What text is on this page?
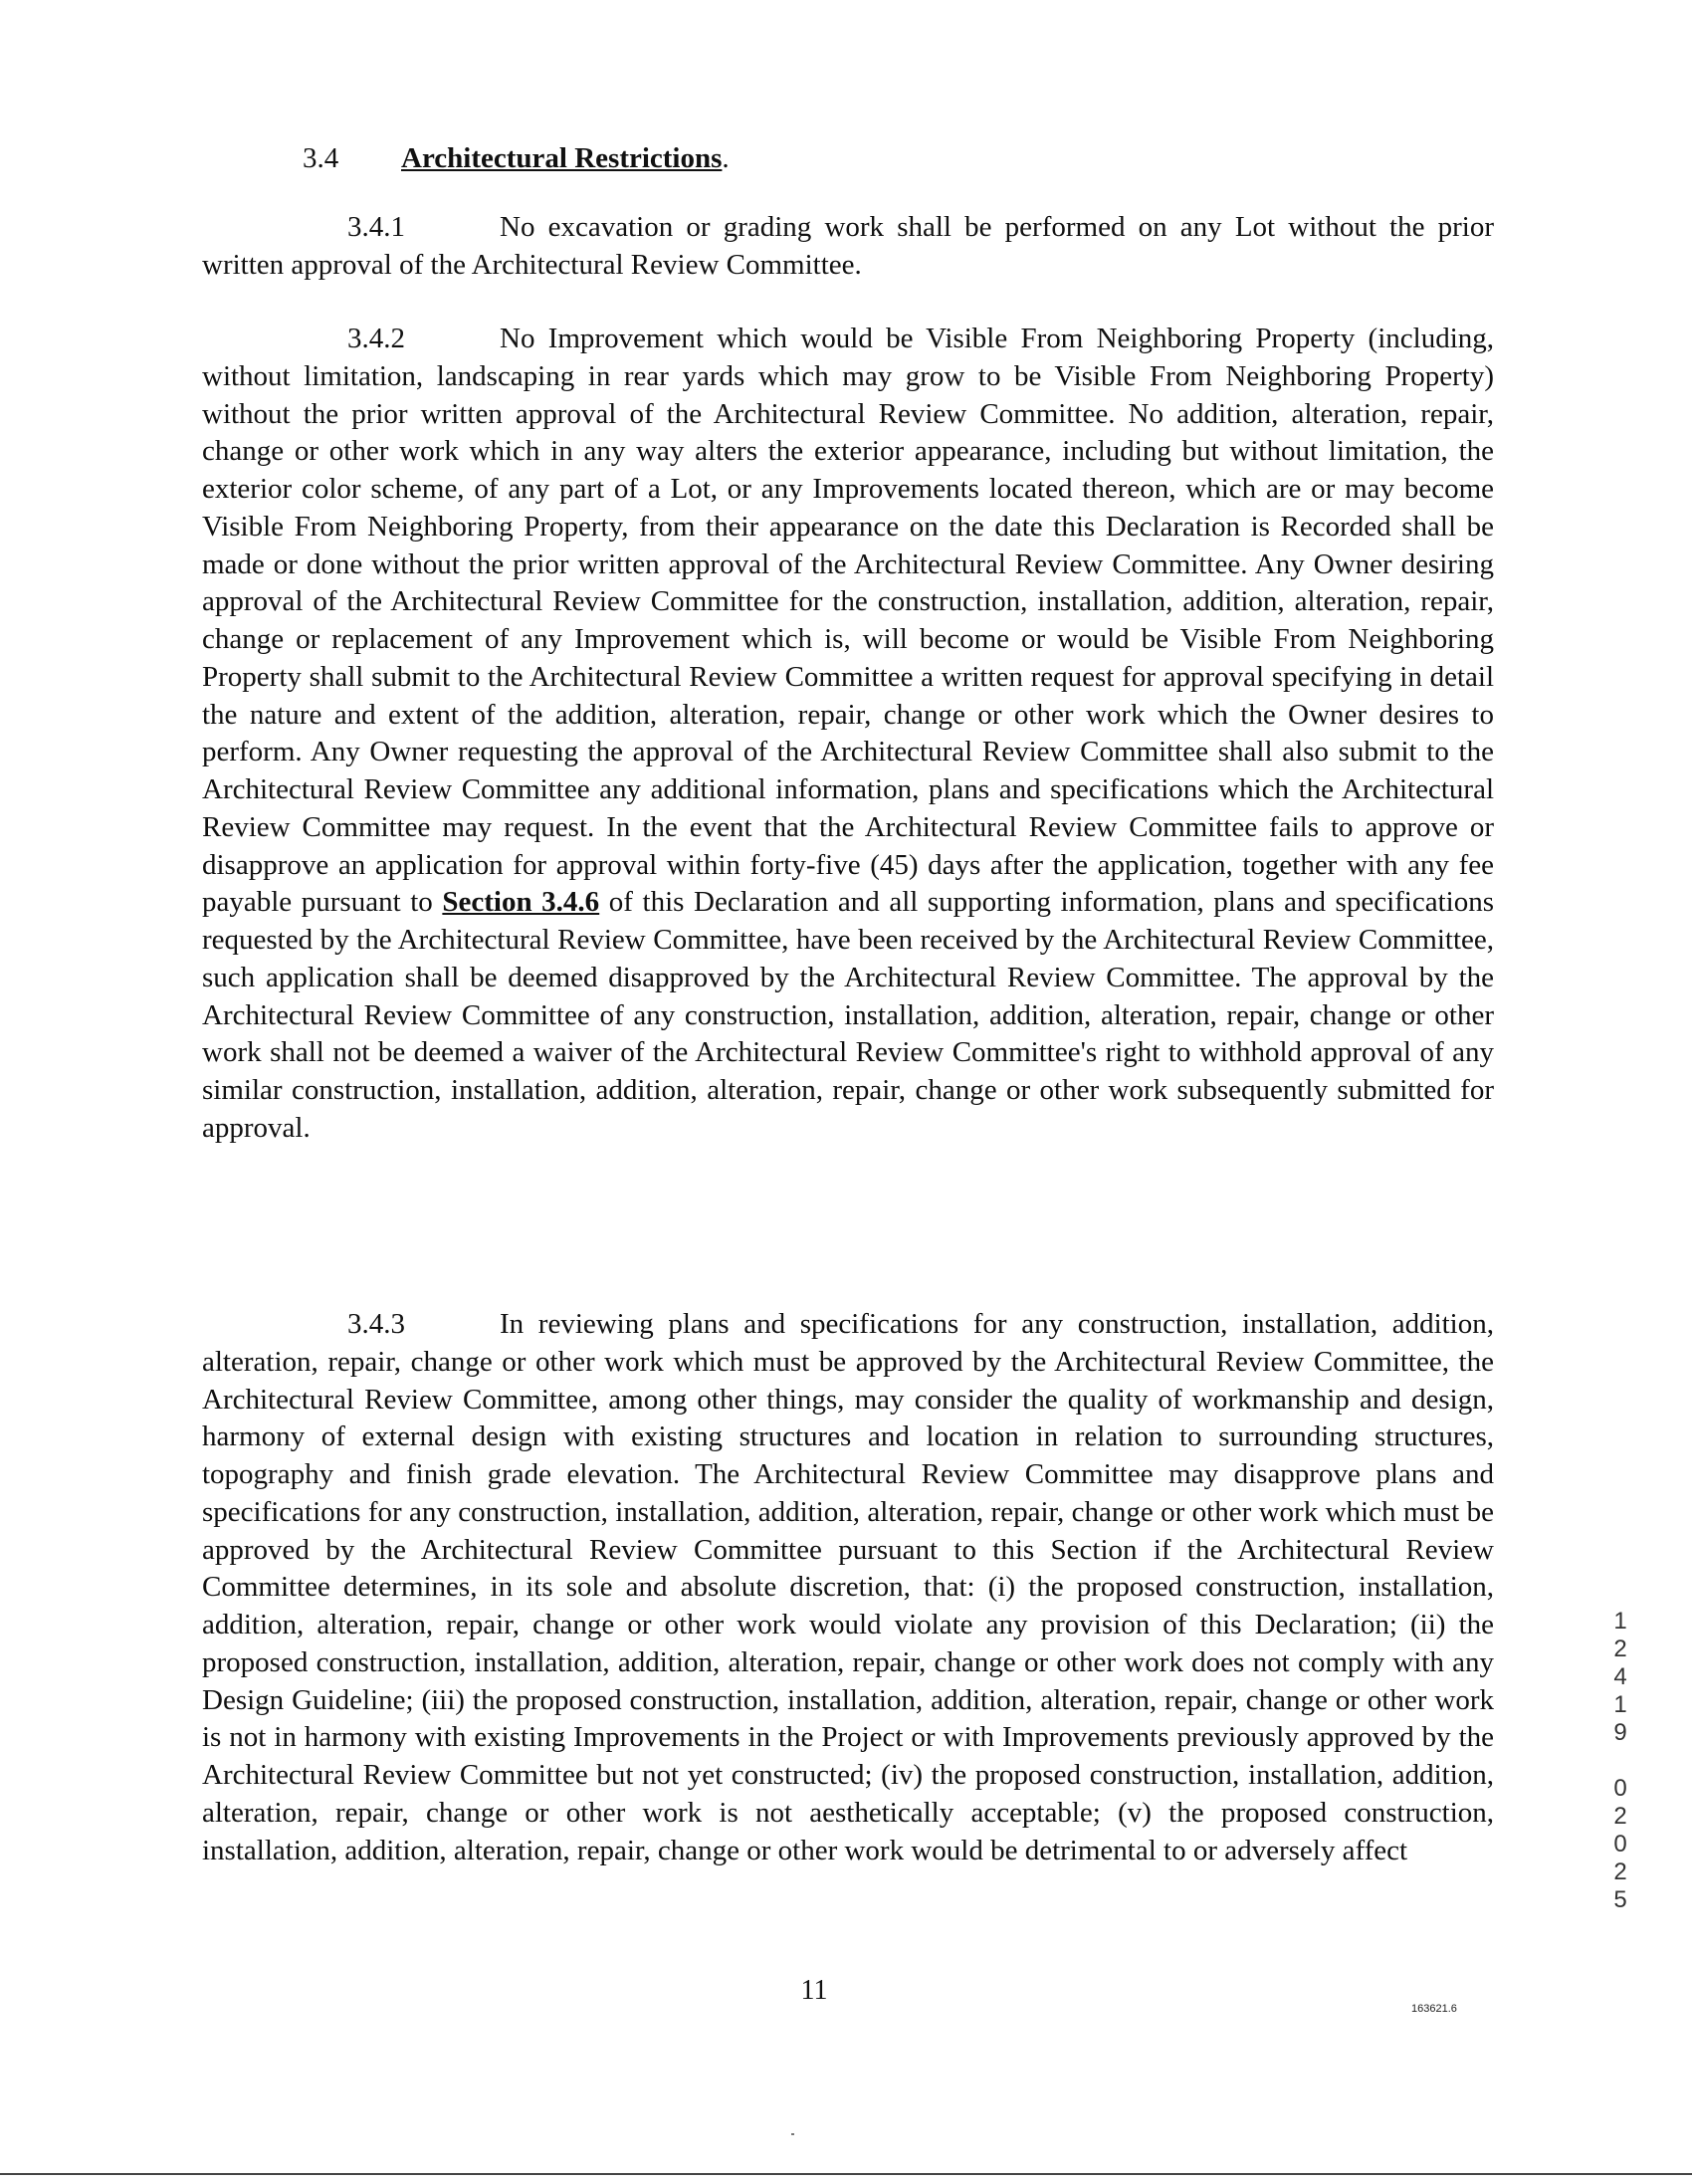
3.4 Architectural Restrictions.

3.4.1	No excavation or grading work shall be performed on any Lot without the prior written approval of the Architectural Review Committee.

3.4.2	No Improvement which would be Visible From Neighboring Property (including, without limitation, landscaping in rear yards which may grow to be Visible From Neighboring Property) without the prior written approval of the Architectural Review Committee. No addition, alteration, repair, change or other work which in any way alters the exterior appearance, including but without limitation, the exterior color scheme, of any part of a Lot, or any Improvements located thereon, which are or may become Visible From Neighboring Property, from their appearance on the date this Declaration is Recorded shall be made or done without the prior written approval of the Architectural Review Committee. Any Owner desiring approval of the Architectural Review Committee for the construction, installation, addition, alteration, repair, change or replacement of any Improvement which is, will become or would be Visible From Neighboring Property shall submit to the Architectural Review Committee a written request for approval specifying in detail the nature and extent of the addition, alteration, repair, change or other work which the Owner desires to perform. Any Owner requesting the approval of the Architectural Review Committee shall also submit to the Architectural Review Committee any additional information, plans and specifications which the Architectural Review Committee may request. In the event that the Architectural Review Committee fails to approve or disapprove an application for approval within forty-five (45) days after the application, together with any fee payable pursuant to Section 3.4.6 of this Declaration and all supporting information, plans and specifications requested by the Architectural Review Committee, have been received by the Architectural Review Committee, such application shall be deemed disapproved by the Architectural Review Committee. The approval by the Architectural Review Committee of any construction, installation, addition, alteration, repair, change or other work shall not be deemed a waiver of the Architectural Review Committee's right to withhold approval of any similar construction, installation, addition, alteration, repair, change or other work subsequently submitted for approval.

3.4.3	In reviewing plans and specifications for any construction, installation, addition, alteration, repair, change or other work which must be approved by the Architectural Review Committee, the Architectural Review Committee, among other things, may consider the quality of workmanship and design, harmony of external design with existing structures and location in relation to surrounding structures, topography and finish grade elevation. The Architectural Review Committee may disapprove plans and specifications for any construction, installation, addition, alteration, repair, change or other work which must be approved by the Architectural Review Committee pursuant to this Section if the Architectural Review Committee determines, in its sole and absolute discretion, that: (i) the proposed construction, installation, addition, alteration, repair, change or other work would violate any provision of this Declaration; (ii) the proposed construction, installation, addition, alteration, repair, change or other work does not comply with any Design Guideline; (iii) the proposed construction, installation, addition, alteration, repair, change or other work is not in harmony with existing Improvements in the Project or with Improvements previously approved by the Architectural Review Committee but not yet constructed; (iv) the proposed construction, installation, addition, alteration, repair, change or other work is not aesthetically acceptable; (v) the proposed construction, installation, addition, alteration, repair, change or other work would be detrimental to or adversely affect

11
163621.6
1
2
4
1
9
0
2
0
2
5
